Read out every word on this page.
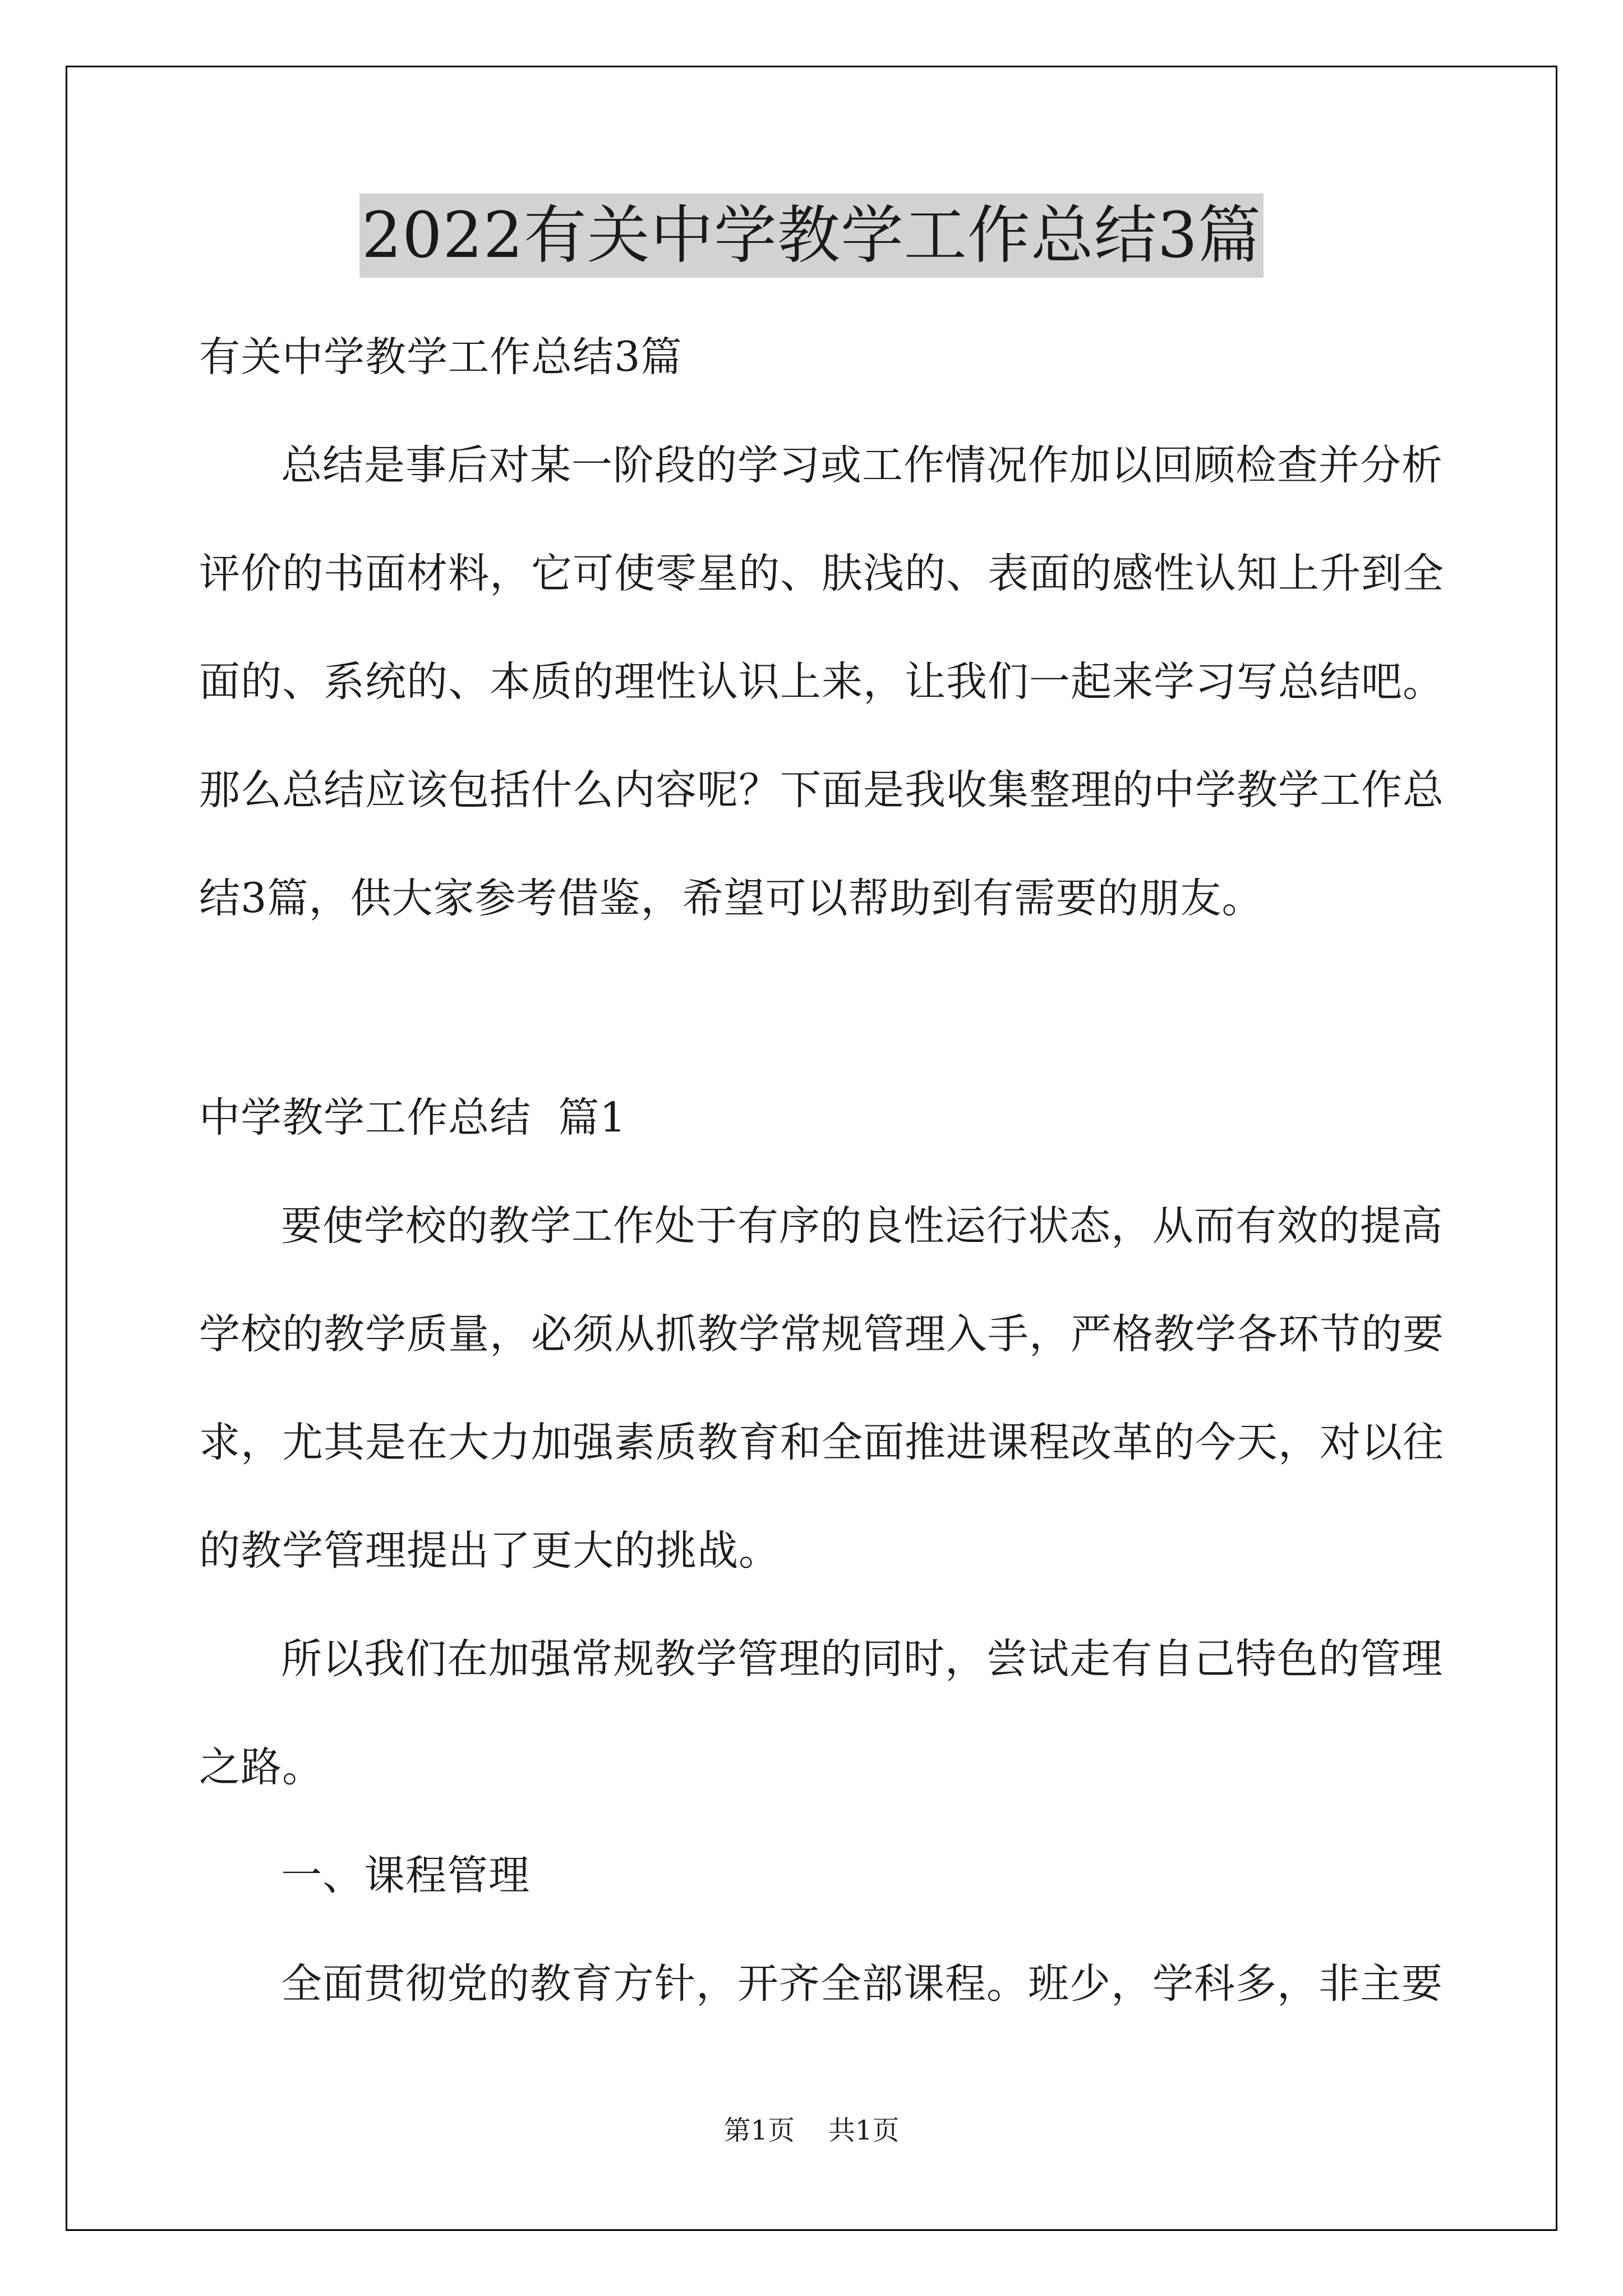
2022有关中学教学工作总结3篇
有关中学教学工作总结3篇
总结是事后对某一阶段的学习或工作情况作加以回顾检查并分析
评价的书面材料，它可使零星的、肤浅的、表面的感性认知上升到全
面的、系统的、本质的理性认识上来，让我们一起来学习写总结吧。
那么总结应该包括什么内容呢？下面是我收集整理的中学教学工作总
结3篇，供大家参考借鉴，希望可以帮助到有需要的朋友。
中学教学工作总结  篇1
要使学校的教学工作处于有序的良性运行状态，从而有效的提高
学校的教学质量，必须从抓教学常规管理入手，严格教学各环节的要
求，尤其是在大力加强素质教育和全面推进课程改革的今天，对以往
的教学管理提出了更大的挑战。
所以我们在加强常规教学管理的同时，尝试走有自己特色的管理
之路。
一、课程管理
全面贯彻党的教育方针，开齐全部课程。班少，学科多，非主要
第1页 共1页
